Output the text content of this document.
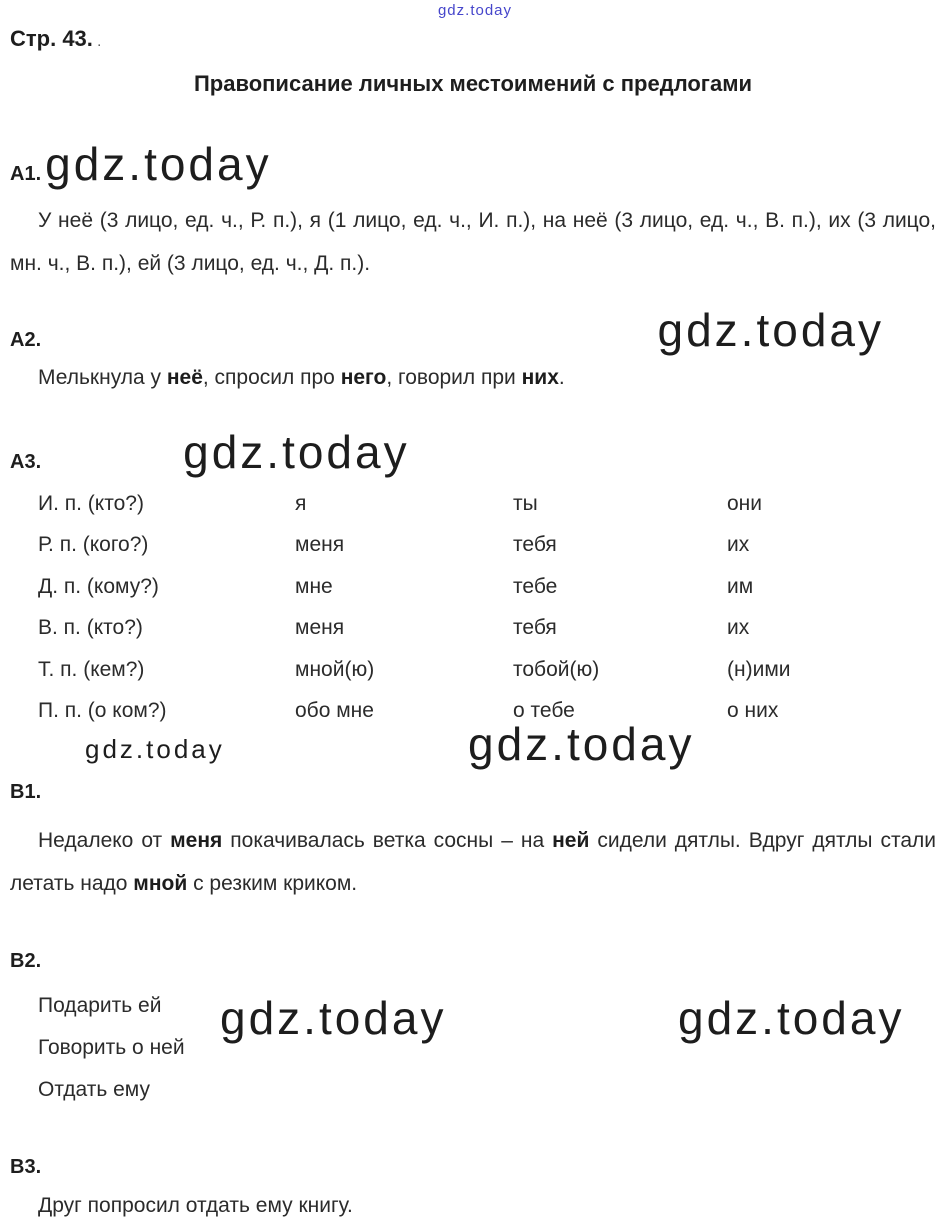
gdz.today
Стр. 43. .
Правописание личных местоимений с предлогами
А1. gdz.today

У неё (3 лицо, ед. ч., Р. п.), я (1 лицо, ед. ч., И. п.), на неё (3 лицо, ед. ч., В. п.), их (3 лицо, мн. ч., В. п.), ей (3 лицо, ед. ч., Д. п.).

А2.	gdz.today
Мелькнула у неё, спросил про него, говорил при них.
А3.	gdz.today
И. п. (кто?)	я	ты	они
Р. п. (кого?)	меня	тебя	их
Д. п. (кому?)	мне	тебе	им
В. п. (кто?)	меня	тебя	их
Т. п. (кем?)	мной(ю)	тобой(ю)	(н)ими
П. п. (о ком?)	обо мне	о тебе	о них
gdz.today	gdz.today
В1.

Недалеко от меня покачивалась ветка сосны – на ней сидели дятлы. Вдруг дятлы стали летать надо мной с резким криком.

В2.
Подарить ей
Говорить о ней
Отдать ему
gdz.today	gdz.today
В3.
Друг попросил отдать ему книгу.
